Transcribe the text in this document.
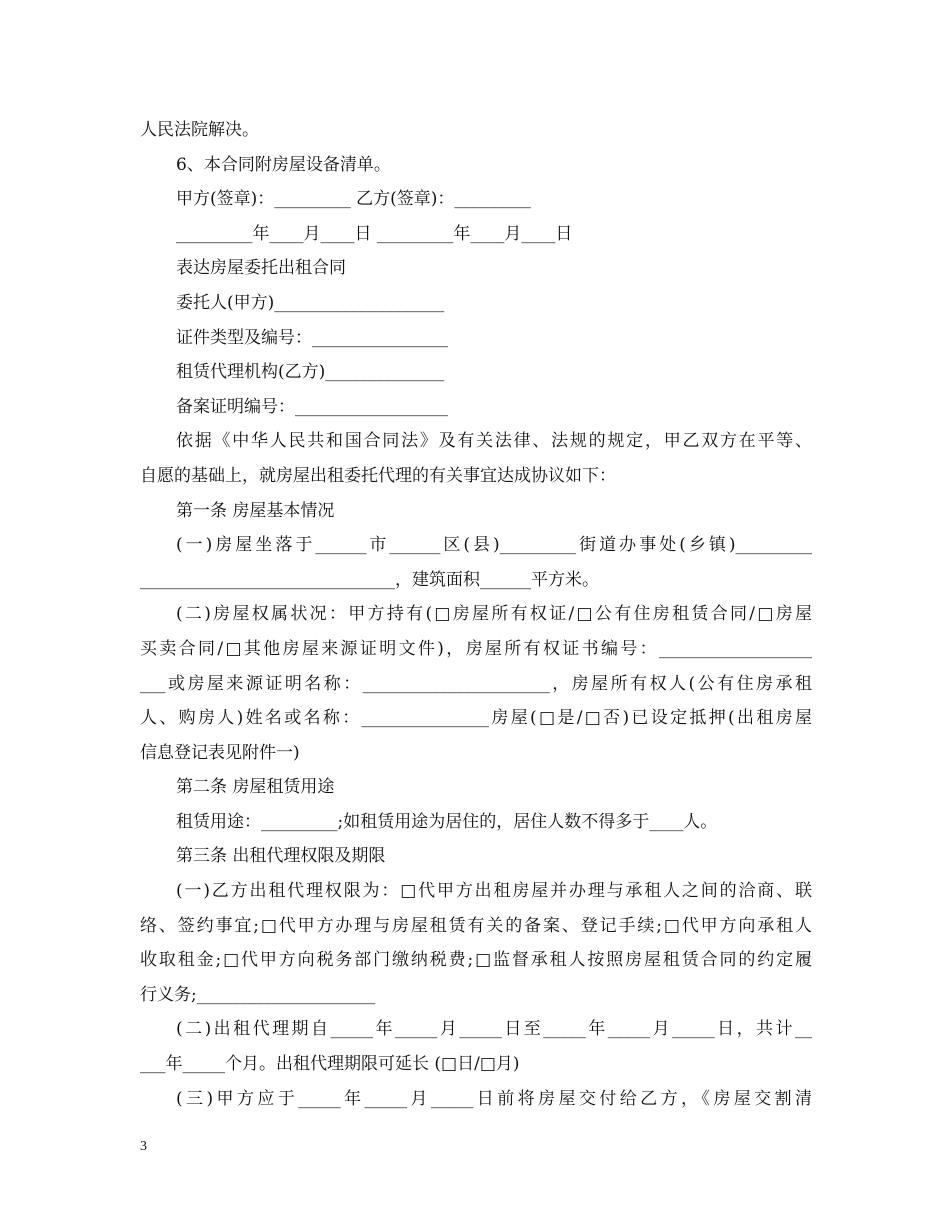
人民法院解决。
6、本合同附房屋设备清单。
甲方(签章)：_________ 乙方(签章)：_________
_________年____月____日 _________年____月____日
表达房屋委托出租合同
委托人(甲方)____________________
证件类型及编号：________________
租赁代理机构(乙方)______________
备案证明编号：__________________
依据《中华人民共和国合同法》及有关法律、法规的规定，甲乙双方在平等、
自愿的基础上，就房屋出租委托代理的有关事宜达成协议如下：
第一条 房屋基本情况
(一)房屋坐落于______市______区(县)_________街道办事处(乡镇)_________
______________________________，建筑面积______平方米。
(二)房屋权属状况：甲方持有(□房屋所有权证/□公有住房租赁合同/□房屋
买卖合同/□其他房屋来源证明文件)，房屋所有权证书编号：__________________
___或房屋来源证明名称：______________________，房屋所有权人(公有住房承租
人、购房人)姓名或名称：_______________房屋(□是/□否)已设定抵押(出租房屋
信息登记表见附件一)
第二条 房屋租赁用途
租赁用途：_________;如租赁用途为居住的，居住人数不得多于____人。
第三条 出租代理权限及期限
(一)乙方出租代理权限为：□代甲方出租房屋并办理与承租人之间的洽商、联
络、签约事宜;□代甲方办理与房屋租赁有关的备案、登记手续;□代甲方向承租人
收取租金;□代甲方向税务部门缴纳税费;□监督承租人按照房屋租赁合同的约定履
行义务;_____________________
(二)出租代理期自_____年_____月_____日至_____年_____月_____日，共计__
___年_____个月。出租代理期限可延长 (□日/□月)
(三)甲方应于_____年_____月_____日前将房屋交付给乙方，《房屋交割清
3
